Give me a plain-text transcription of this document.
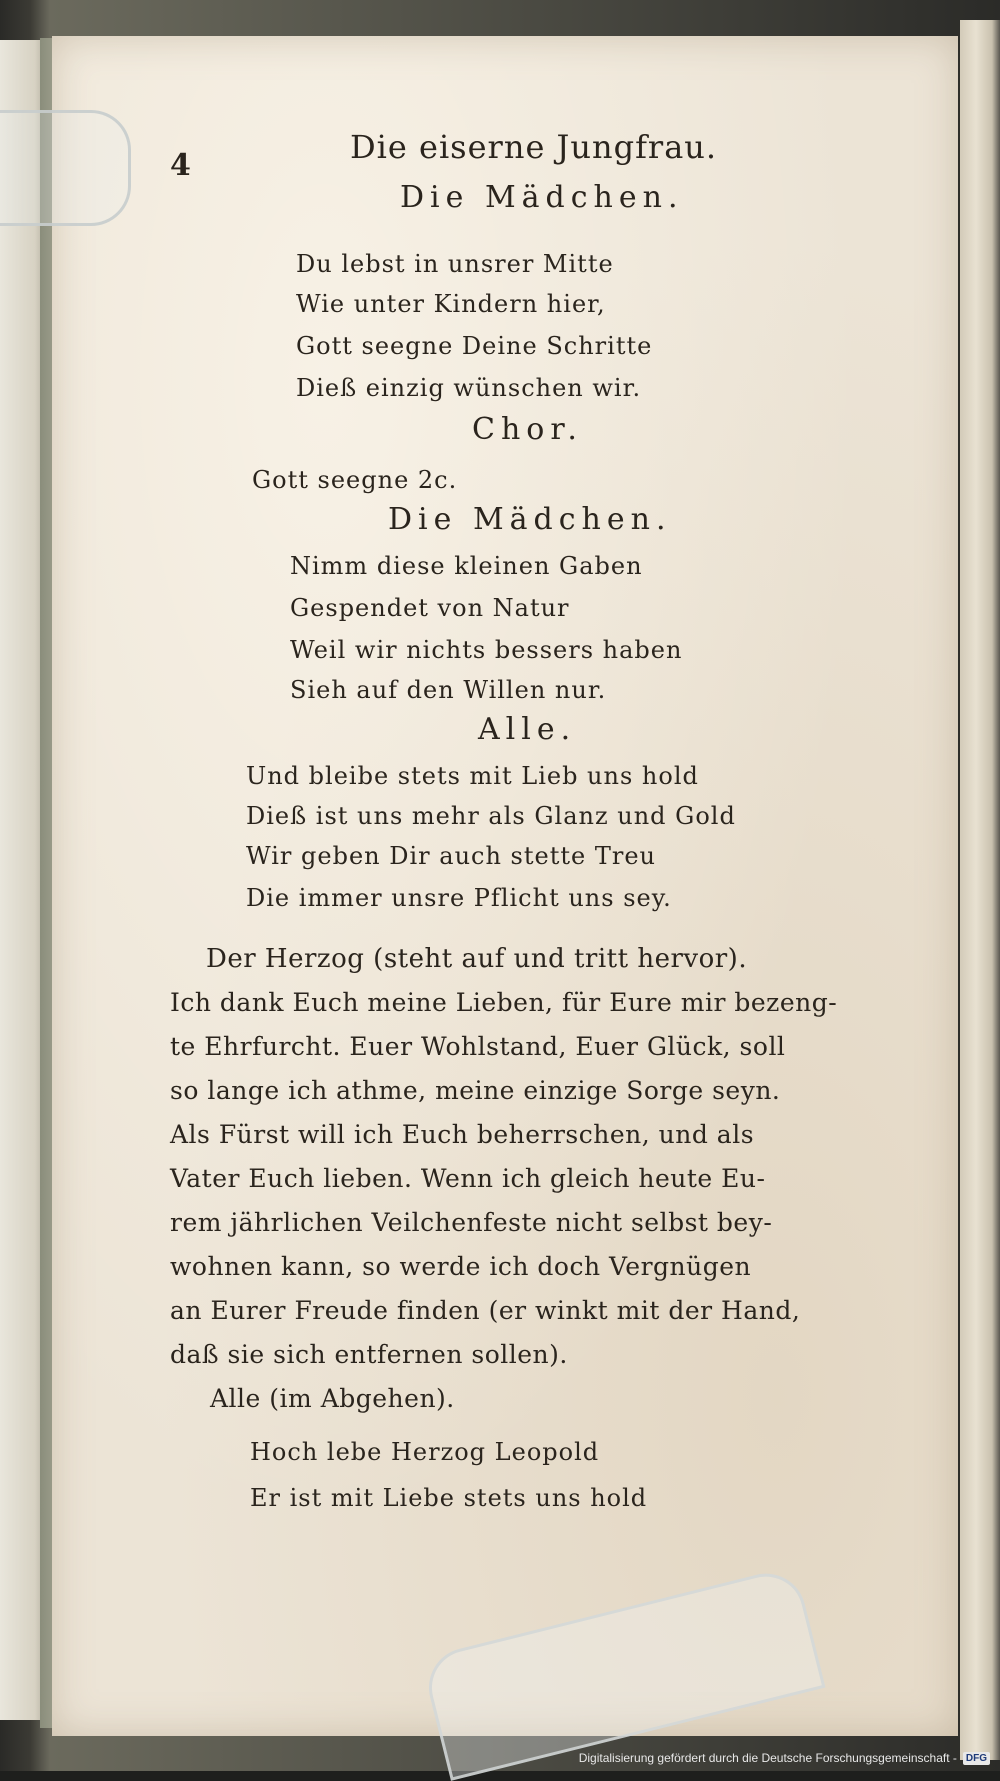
4	Die eiserne Jungfrau.
Die Mädchen.
Du lebst in unsrer Mitte
Wie unter Kindern hier,
Gott seegne Deine Schritte
Dieß einzig wünschen wir.
Chor.
Gott seegne 2c.
Die Mädchen.
Nimm diese kleinen Gaben
Gespendet von Natur
Weil wir nichts bessers haben
Sieh auf den Willen nur.
Alle.
Und bleibe stets mit Lieb uns hold
Dieß ist uns mehr als Glanz und Gold
Wir geben Dir auch stette Treu
Die immer unsre Pflicht uns sey.
Der Herzog (steht auf und tritt hervor).
Ich dank Euch meine Lieben, für Eure mir bezeng-
te Ehrfurcht. Euer Wohlstand, Euer Glück, soll
so lange ich athme, meine einzige Sorge seyn.
Als Fürst will ich Euch beherrschen, und als
Vater Euch lieben. Wenn ich gleich heute Eu-
rem jährlichen Veilchenfeste nicht selbst bey-
wohnen kann, so werde ich doch Vergnügen
an Eurer Freude finden (er winkt mit der Hand,
daß sie sich entfernen sollen).
Alle (im Abgehen).
Hoch lebe Herzog Leopold
Er ist mit Liebe stets uns hold
Digitalisierung gefördert durch die Deutsche Forschungsgemeinschaft - DFG
